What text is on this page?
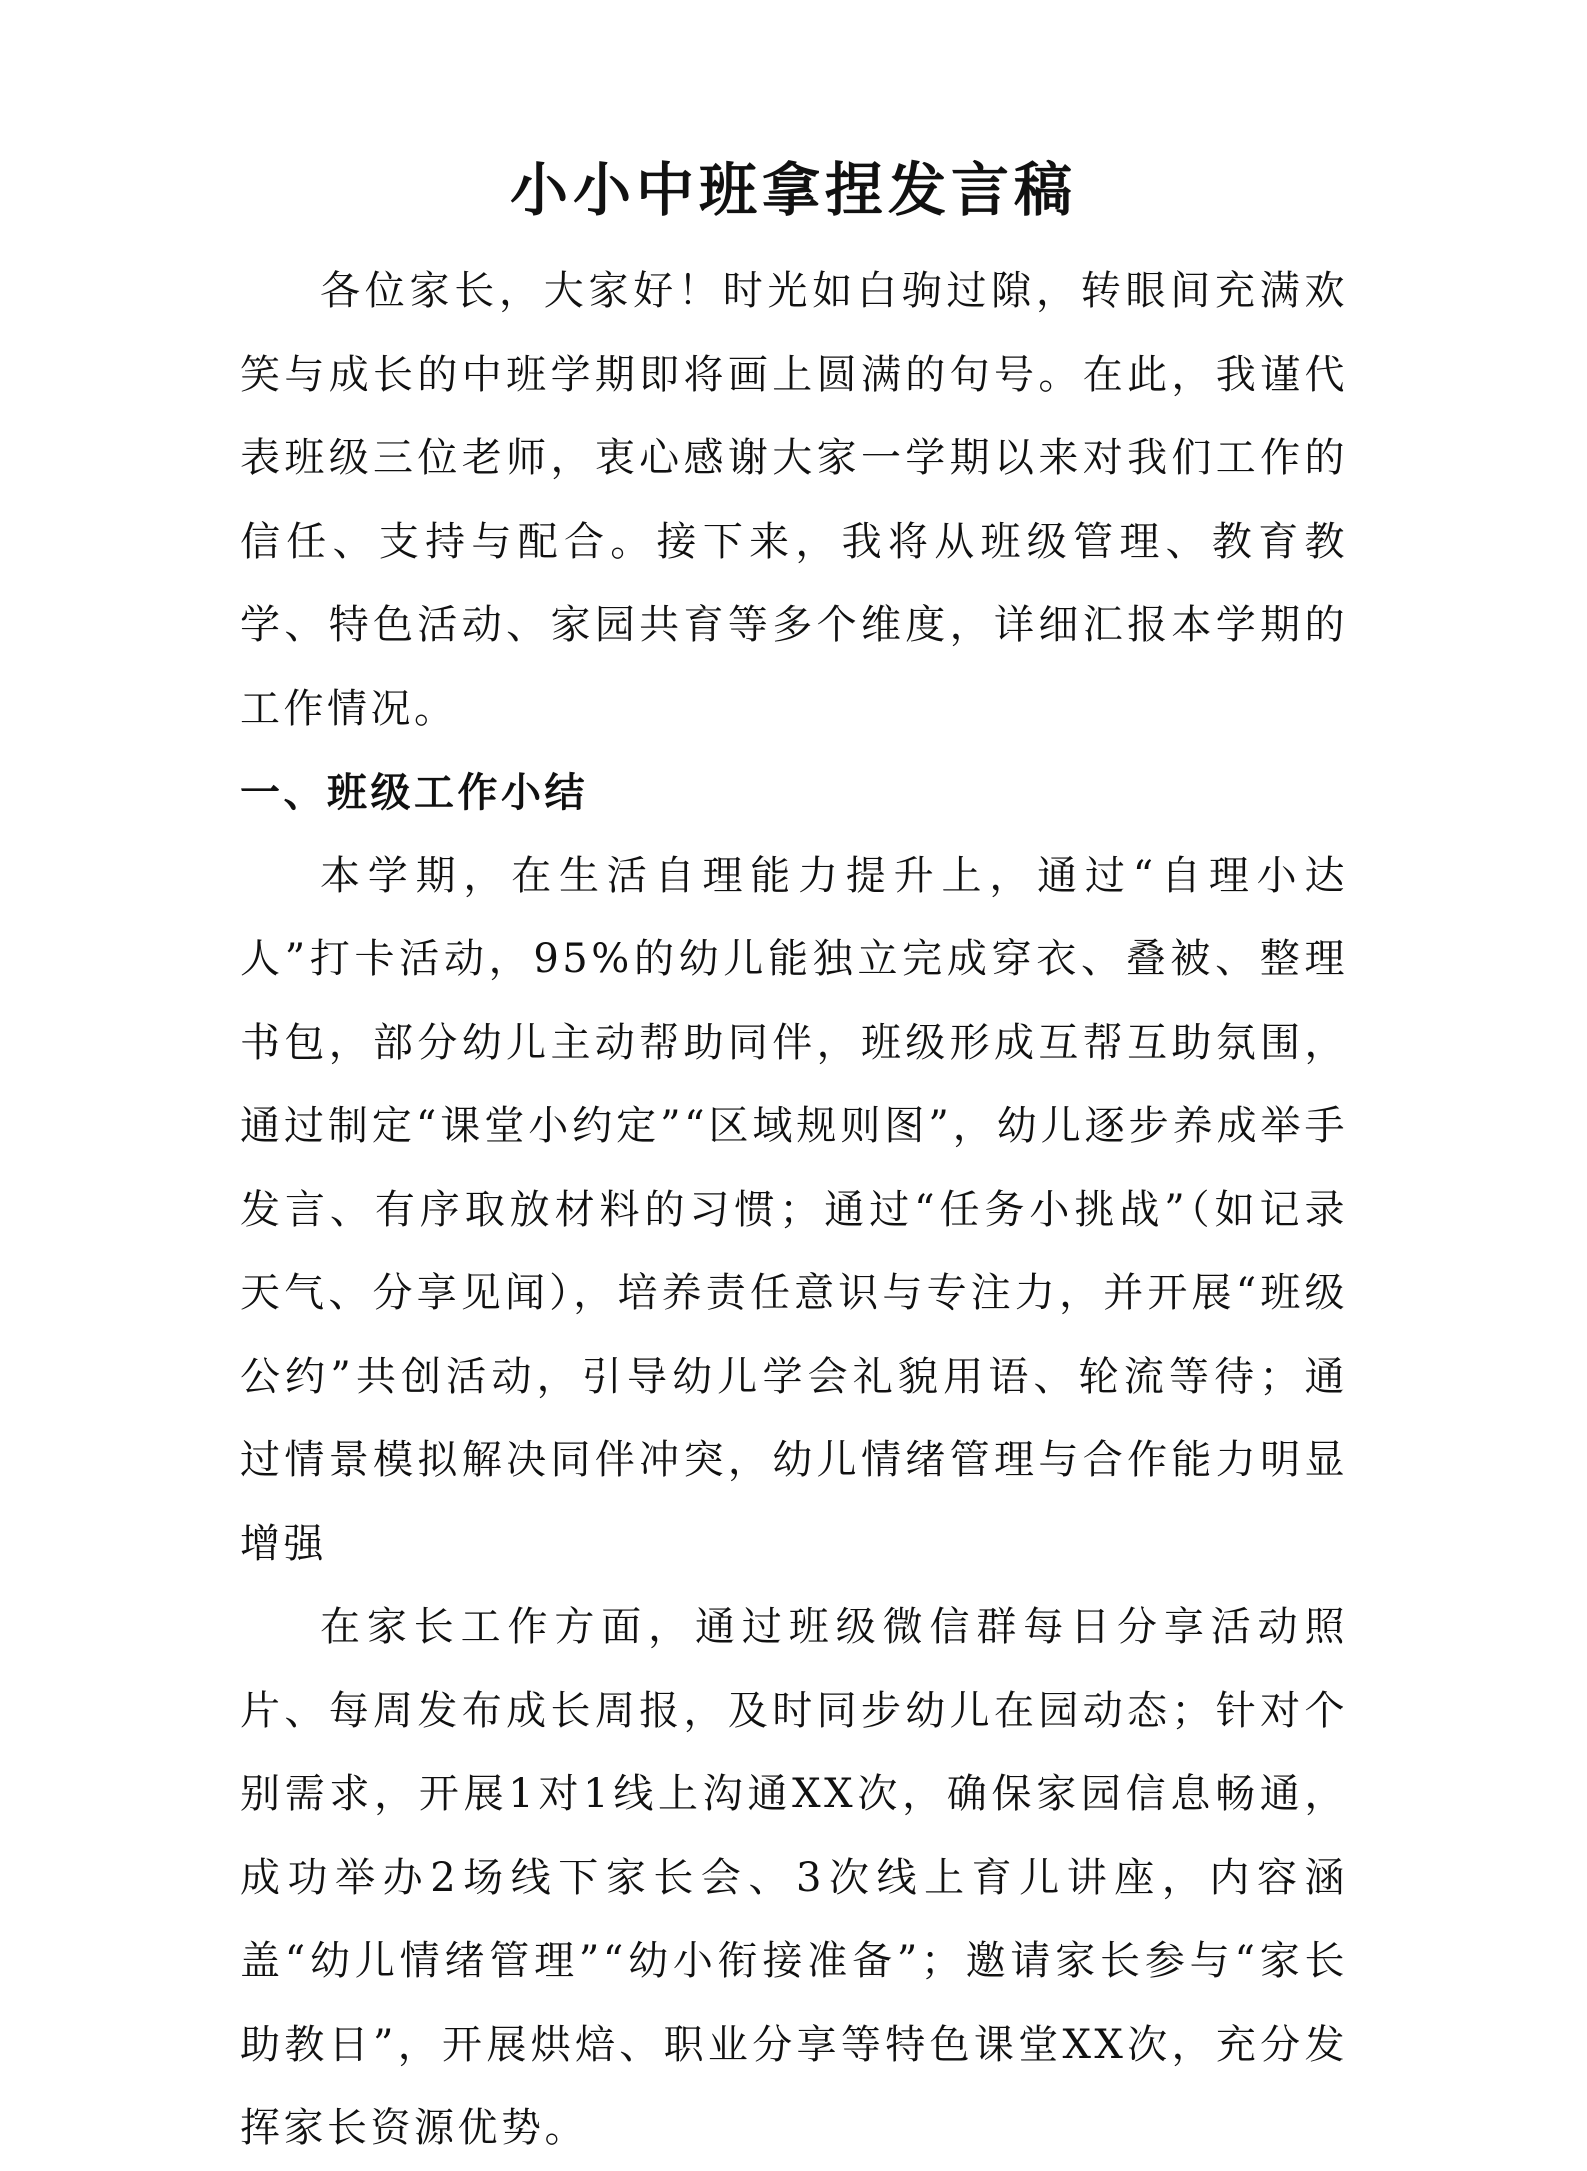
小小中班拿捏发言稿

各位家长，大家好！时光如白驹过隙，转眼间充满欢笑与成长的中班学期即将画上圆满的句号。在此，我谨代表班级三位老师，衷心感谢大家一学期以来对我们工作的信任、支持与配合。接下来，我将从班级管理、教育教学、特色活动、家园共育等多个维度，详细汇报本学期的工作情况。

一、班级工作小结

本学期，在生活自理能力提升上，通过“自理小达人”打卡活动，95%的幼儿能独立完成穿衣、叠被、整理书包，部分幼儿主动帮助同伴，班级形成互帮互助氛围，通过制定“课堂小约定”“区域规则图”，幼儿逐步养成举手发言、有序取放材料的习惯；通过“任务小挑战”（如记录天气、分享见闻），培养责任意识与专注力，并开展“班级公约”共创活动，引导幼儿学会礼貌用语、轮流等待；通过情景模拟解决同伴冲突，幼儿情绪管理与合作能力明显增强

在家长工作方面，通过班级微信群每日分享活动照片、每周发布成长周报，及时同步幼儿在园动态；针对个别需求，开展1对1线上沟通XX次，确保家园信息畅通，成功举办2场线下家长会、3次线上育儿讲座，内容涵盖“幼儿情绪管理”“幼小衔接准备”；邀请家长参与“家长助教日”，开展烘焙、职业分享等特色课堂XX次，充分发挥家长资源优势。
